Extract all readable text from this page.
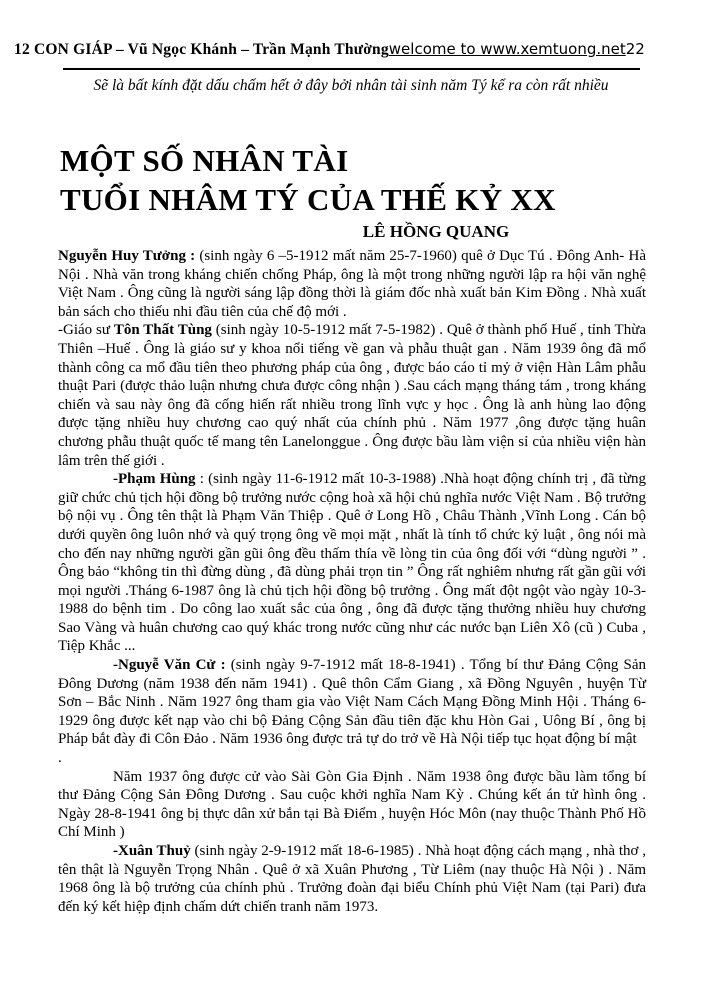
12 CON GIÁP – Vũ Ngọc Khánh – Trần Mạnh Thường welcome to www.xemtuong.net22
Sẽ là bất kính đặt dấu chấm hết ở đây bởi nhân tài sinh năm Tý kể ra còn rất nhiều
MỘT SỐ NHÂN TÀI
TUỔI NHÂM TÝ CỦA THẾ KỶ XX
LÊ HỒNG QUANG

Nguyễn Huy Tưởng : (sinh ngày 6 –5-1912 mất năm 25-7-1960) quê ở Dục Tú . Đông Anh- Hà Nội . Nhà văn trong kháng chiến chống Pháp, ông là một trong những người lập ra hội văn nghệ Việt Nam . Ông cũng là người sáng lập đồng thời là giám đốc nhà xuất bản Kim Đồng . Nhà xuất bản sách cho thiếu nhi đầu tiên của chế độ mới .

-Giáo sư Tôn Thất Tùng (sinh ngày 10-5-1912 mất 7-5-1982) . Quê ở thành phố Huế , tỉnh Thừa Thiên –Huế . Ông là giáo sư y khoa nổi tiếng về gan và phẫu thuật gan . Năm 1939 ông đã mổ thành công ca mổ đầu tiên theo phương pháp của ông , được báo cáo tỉ mỷ ở viện Hàn Lâm phẫu thuật Pari (được thảo luận nhưng chưa được công nhận ) .Sau cách mạng tháng tám , trong kháng chiến và sau này ông đã cống hiến rất nhiều trong lĩnh vực y học . Ông là anh hùng lao động được tặng nhiều huy chương cao quý nhất của chính phủ . Năm 1977 ,ông được tặng huân chương phẫu thuật quốc tế mang tên Lanelonggue . Ông được bầu làm viện sỉ của nhiều viện hàn lâm trên thế giới .

-Phạm Hùng : (sinh ngày 11-6-1912 mất 10-3-1988) .Nhà hoạt động chính trị , đã từng giữ chức chủ tịch hội đồng bộ trưởng nước cộng hoà xã hội chủ nghĩa nước Việt Nam . Bộ trưởng bộ nội vụ . Ông tên thật là Phạm Văn Thiệp . Quê ở Long Hồ , Châu Thành ,Vĩnh Long . Cán bộ dưới quyền ông luôn nhớ và quý trọng ông về mọi mặt , nhất là tính tổ chức kỷ luật , ông nói mà cho đến nay những người gần gũi ông đều thấm thía về lòng tin của ông đối với “dùng người ” . Ông bảo “không tin thì đừng dùng , đã dùng phải trọn tin ” Ông rất nghiêm nhưng rất gần gũi với mọi người .Tháng 6-1987 ông là chủ tịch hội đồng bộ trưởng . Ông mất đột ngột vào ngày 10-3-1988 do bệnh tim . Do công lao xuất sắc của ông , ông đã được tặng thưởng nhiều huy chương Sao Vàng và huân chương cao quý khác trong nước cũng như các nước bạn Liên Xô (cũ ) Cuba , Tiệp Khắc ...

-Nguyễ Văn Cử : (sinh ngày 9-7-1912 mất 18-8-1941) . Tổng bí thư Đảng Cộng Sản Đông Dương (năm 1938 đến năm 1941) . Quê thôn Cẩm Giang , xã Đồng Nguyên , huyện Từ Sơn – Bắc Ninh . Năm 1927 ông tham gia vào Việt Nam Cách Mạng Đồng Minh Hội . Tháng 6-1929 ông được kết nạp vào chi bộ Đảng Cộng Sản đầu tiên đặc khu Hòn Gai , Uông Bí , ông bị Pháp bắt đày đi Côn Đảo . Năm 1936 ông được trả tự do trở về Hà Nội tiếp tục họat động bí mật

.

Năm 1937 ông được cử vào Sài Gòn Gia Định . Năm 1938 ông được bầu làm tổng bí thư Đảng Cộng Sản Đông Dương . Sau cuộc khởi nghĩa Nam Kỳ . Chúng kết án tử hình ông . Ngày 28-8-1941 ông bị thực dân xử bắn tại Bà Điểm , huyện Hóc Môn (nay thuộc Thành Phố Hồ Chí Minh )

-Xuân Thuỷ (sinh ngày 2-9-1912 mất 18-6-1985) . Nhà hoạt động cách mạng , nhà thơ , tên thật là Nguyễn Trọng Nhân . Quê ở xã Xuân Phương , Từ Liêm (nay thuộc Hà Nội ) . Năm 1968 ông là bộ trưởng của chính phủ . Trưởng đoàn đại biểu Chính phủ Việt Nam (tại Pari) đưa đến ký kết hiệp định chấm dứt chiến tranh năm 1973.
